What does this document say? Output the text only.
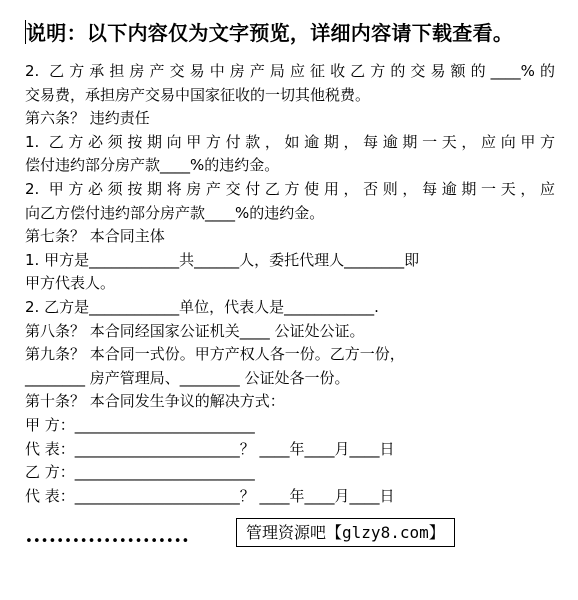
说明：以下内容仅为文字预览，详细内容请下载查看。
2. 乙方承担房产交易中房产局应征收乙方的交易额的____%的
交易费，承担房产交易中国家征收的一切其他税费。
第六条？ 违约责任
1. 乙方必须按期向甲方付款，如逾期，每逾期一天，应向甲方
偿付违约部分房产款____%的违约金。
2. 甲方必须按期将房产交付乙方使用，否则，每逾期一天，应
向乙方偿付违约部分房产款____%的违约金。
第七条？ 本合同主体
1. 甲方是____________共______人，委托代理人________即
甲方代表人。
2. 乙方是____________单位，代表人是____________.
第八条？ 本合同经国家公证机关____ 公证处公证。
第九条？ 本合同一式份。甲方产权人各一份。乙方一份，
________ 房产管理局、________ 公证处各一份。
第十条？ 本合同发生争议的解决方式：
甲 方：________________________
代 表：______________________？ ____年____月____日
乙 方：________________________
代 表：______________________？ ____年____月____日
•••••••••••••••••••••	管理资源吧【glzy8.com】
